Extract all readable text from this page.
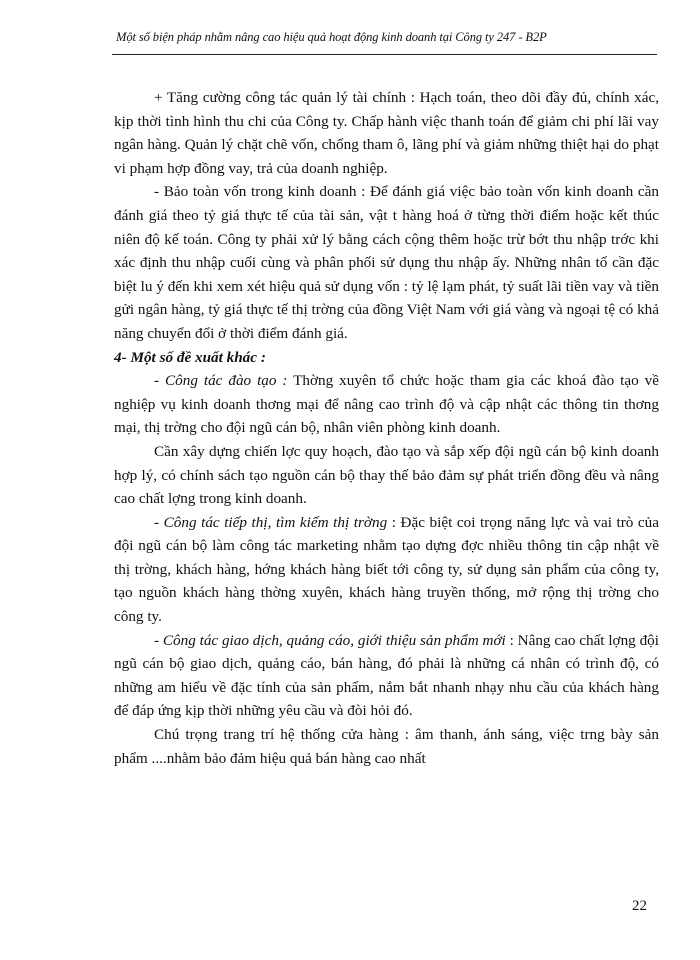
Một số biện pháp nhằm nâng cao hiệu quả hoạt động kinh doanh tại Công ty 247 - B2P

+ Tăng cường công tác quản lý tài chính : Hạch toán, theo dõi đầy đủ, chính xác, kịp thời tình hình thu chi của Công ty. Chấp hành việc thanh toán để giảm chi phí lãi vay ngân hàng. Quản lý chặt chẽ vốn, chống tham ô, lãng phí và giảm những thiệt hại do phạt vi phạm hợp đồng vay, trả của doanh nghiệp.

- Bảo toàn vốn trong kinh doanh : Để đánh giá việc bảo toàn vốn kinh doanh cần đánh giá theo tỷ giá thực tế của tài sản, vật t hàng hoá ở từng thời điểm hoặc kết thúc niên độ kế toán. Công ty phải xử lý bằng cách cộng thêm hoặc trừ bớt thu nhập trớc khi xác định thu nhập cuối cùng và phân phối sử dụng thu nhập ấy. Những nhân tố cần đặc biệt lu ý đến khi xem xét hiệu quả sử dụng vốn : tỷ lệ lạm phát, tỷ suất lãi tiền vay và tiền gửi ngân hàng, tỷ giá thực tế thị trờng của đồng Việt Nam với giá vàng và ngoại tệ có khả năng chuyển đổi ở thời điểm đánh giá.

4- Một số đề xuất khác :

- Công tác đào tạo : Thờng xuyên tổ chức hoặc tham gia các khoá đào tạo về nghiệp vụ kinh doanh thơng mại để nâng cao trình độ và cập nhật các thông tin thơng mại, thị trờng cho đội ngũ cán bộ, nhân viên phòng kinh doanh.

Cần xây dựng chiến lợc quy hoạch, đào tạo và sắp xếp đội ngũ cán bộ kinh doanh hợp lý, có chính sách tạo nguồn cán bộ thay thế bảo đảm sự phát triển đồng đều và nâng cao chất lợng trong kinh doanh.

- Công tác tiếp thị, tìm kiếm thị trờng : Đặc biệt coi trọng năng lực và vai trò của đội ngũ cán bộ làm công tác marketing nhằm tạo dựng đợc nhiều thông tin cập nhật về thị trờng, khách hàng, hớng khách hàng biết tới công ty, sử dụng sản phẩm của công ty, tạo nguồn khách hàng thờng xuyên, khách hàng truyền thống, mở rộng thị trờng cho công ty.

- Công tác giao dịch, quảng cáo, giới thiệu sản phẩm mới : Nâng cao chất lợng đội ngũ cán bộ giao dịch, quảng cáo, bán hàng, đó phải là những cá nhân có trình độ, có những am hiểu về đặc tính của sản phẩm, nắm bắt nhanh nhạy nhu cầu của khách hàng để đáp ứng kịp thời những yêu cầu và đòi hỏi đó.

Chú trọng trang trí hệ thống cửa hàng : âm thanh, ánh sáng, việc trng bày sản phẩm ....nhằm bảo đảm hiệu quả bán hàng cao nhất

22
